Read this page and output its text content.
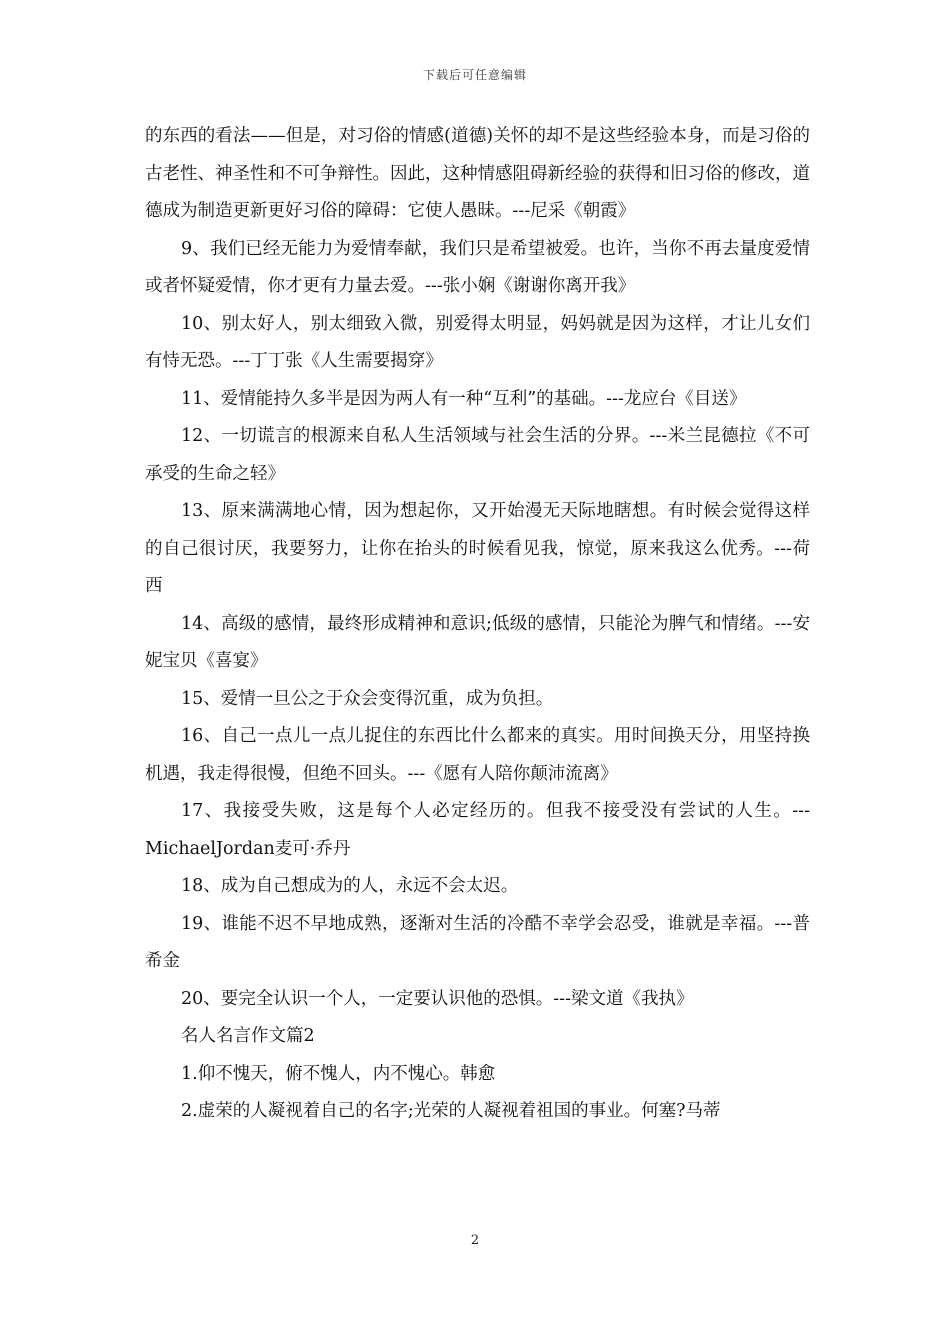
下载后可任意编辑

的东西的看法——但是，对习俗的情感(道德)关怀的却不是这些经验本身，而是习俗的古老性、神圣性和不可争辩性。因此，这种情感阻碍新经验的获得和旧习俗的修改，道德成为制造更新更好习俗的障碍：它使人愚昧。---尼采《朝霞》

9、我们已经无能力为爱情奉献，我们只是希望被爱。也许，当你不再去量度爱情或者怀疑爱情，你才更有力量去爱。---张小娴《谢谢你离开我》

10、别太好人，别太细致入微，别爱得太明显，妈妈就是因为这样，才让儿女们有恃无恐。---丁丁张《人生需要揭穿》

11、爱情能持久多半是因为两人有一种“互利”的基础。---龙应台《目送》

12、一切谎言的根源来自私人生活领域与社会生活的分界。---米兰昆德拉《不可承受的生命之轻》

13、原来满满地心情，因为想起你，又开始漫无天际地瞎想。有时候会觉得这样的自己很讨厌，我要努力，让你在抬头的时候看见我，惊觉，原来我这么优秀。---荷西

14、高级的感情，最终形成精神和意识;低级的感情，只能沦为脾气和情绪。---安妮宝贝《喜宴》

15、爱情一旦公之于众会变得沉重，成为负担。

16、自己一点儿一点儿捉住的东西比什么都来的真实。用时间换天分，用坚持换机遇，我走得很慢，但绝不回头。---《愿有人陪你颠沛流离》

17、我接受失败，这是每个人必定经历的。但我不接受没有尝试的人生。---MichaelJordan麦可·乔丹

18、成为自己想成为的人，永远不会太迟。

19、谁能不迟不早地成熟，逐渐对生活的冷酷不幸学会忍受，谁就是幸福。---普希金

20、要完全认识一个人，一定要认识他的恐惧。---梁文道《我执》

名人名言作文篇2

1.仰不愧天，俯不愧人，内不愧心。韩愈

2.虚荣的人凝视着自己的名字;光荣的人凝视着祖国的事业。何塞?马蒂

2
